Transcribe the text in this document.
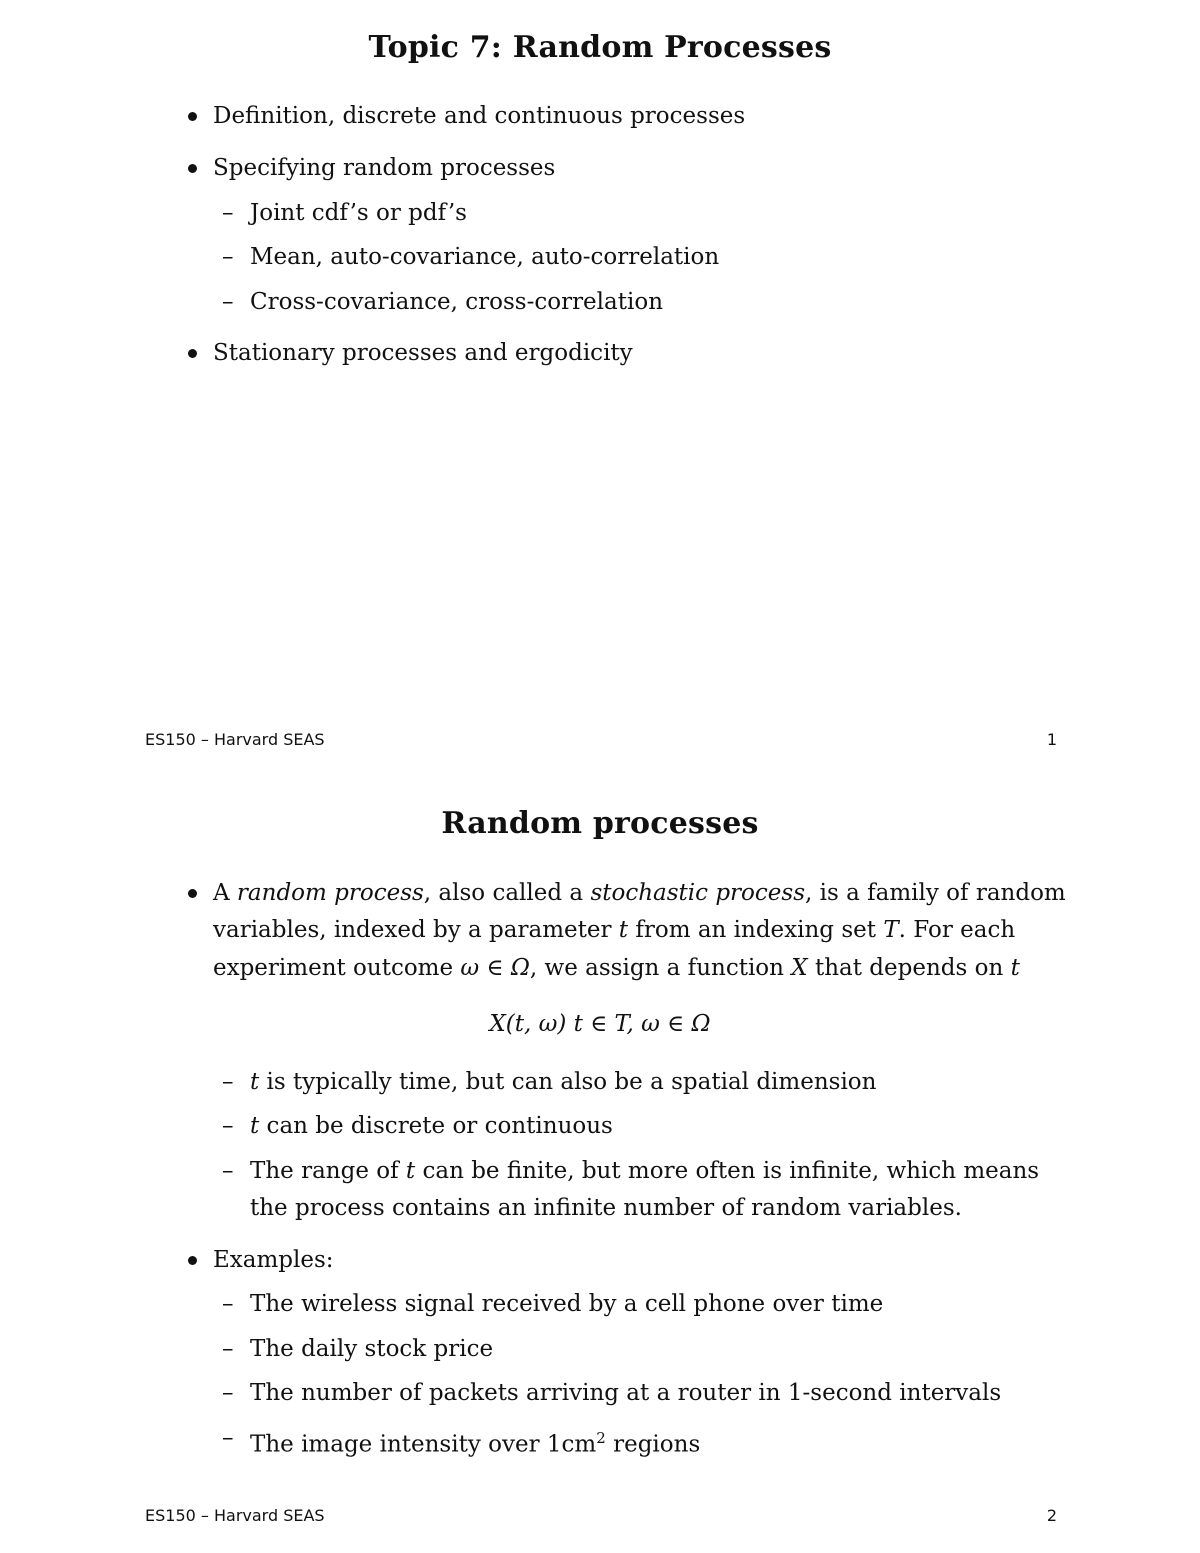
Topic 7: Random Processes
Definition, discrete and continuous processes
Specifying random processes
– Joint cdf’s or pdf’s
– Mean, auto-covariance, auto-correlation
– Cross-covariance, cross-correlation
Stationary processes and ergodicity
ES150 – Harvard SEAS	1
Random processes
A random process, also called a stochastic process, is a family of random
variables, indexed by a parameter t from an indexing set T. For each
experiment outcome ω ∈ Ω, we assign a function X that depends on t
X(t, ω) t ∈ T, ω ∈ Ω
– t is typically time, but can also be a spatial dimension
– t can be discrete or continuous
– The range of t can be finite, but more often is infinite, which means
the process contains an infinite number of random variables.
Examples:
– The wireless signal received by a cell phone over time
– The daily stock price
– The number of packets arriving at a router in 1-second intervals
– The image intensity over $1cm^2$ regions
ES150 – Harvard SEAS	2
